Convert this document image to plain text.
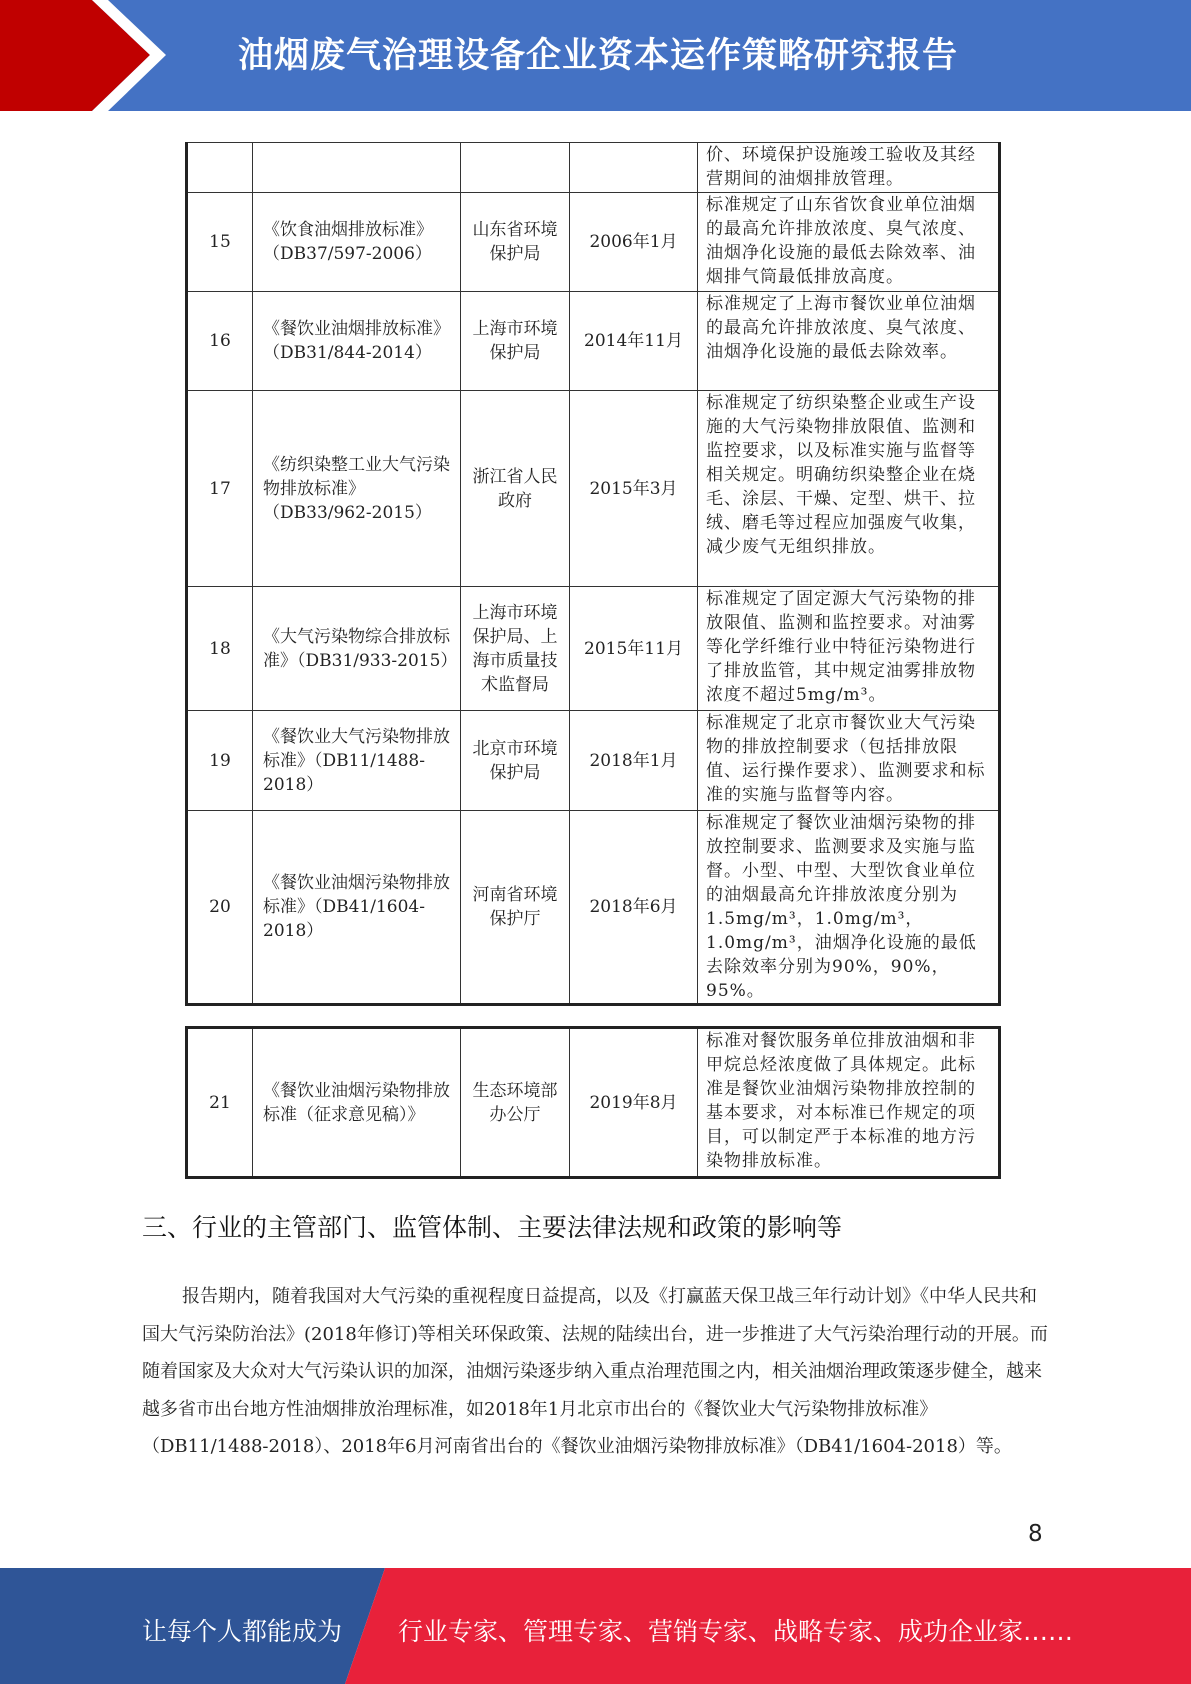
油烟废气治理设备企业资本运作策略研究报告
				价、环境保护设施竣工验收及其经营期间的油烟排放管理。
15	《饮食油烟排放标准》（DB37/597-2006）	山东省环境保护局	2006年1月	标准规定了山东省饮食业单位油烟的最高允许排放浓度、臭气浓度、油烟净化设施的最低去除效率、油烟排气筒最低排放高度。
16	《餐饮业油烟排放标准》（DB31/844-2014）	上海市环境保护局	2014年11月	标准规定了上海市餐饮业单位油烟的最高允许排放浓度、臭气浓度、油烟净化设施的最低去除效率。
17	《纺织染整工业大气污染物排放标准》（DB33/962-2015）	浙江省人民政府	2015年3月	标准规定了纺织染整企业或生产设施的大气污染物排放限值、监测和监控要求，以及标准实施与监督等相关规定。明确纺织染整企业在烧毛、涂层、干燥、定型、烘干、拉绒、磨毛等过程应加强废气收集，减少废气无组织排放。
18	《大气污染物综合排放标准》（DB31/933-2015）	上海市环境保护局、上海市质量技术监督局	2015年11月	标准规定了固定源大气污染物的排放限值、监测和监控要求。对油雾等化学纤维行业中特征污染物进行了排放监管，其中规定油雾排放物浓度不超过5mg/m³。
19	《餐饮业大气污染物排放标准》（DB11/1488-2018）	北京市环境保护局	2018年1月	标准规定了北京市餐饮业大气污染物的排放控制要求（包括排放限值、运行操作要求）、监测要求和标准的实施与监督等内容。
20	《餐饮业油烟污染物排放标准》（DB41/1604-2018）	河南省环境保护厅	2018年6月	标准规定了餐饮业油烟污染物的排放控制要求、监测要求及实施与监督。小型、中型、大型饮食业单位的油烟最高允许排放浓度分别为 1.5mg/m³，1.0mg/m³，1.0mg/m³，油烟净化设施的最低去除效率分别为90%，90%，95%。
21	《餐饮业油烟污染物排放标准（征求意见稿）》	生态环境部办公厅	2019年8月	标准对餐饮服务单位排放油烟和非甲烷总烃浓度做了具体规定。此标准是餐饮业油烟污染物排放控制的基本要求，对本标准已作规定的项目，可以制定严于本标准的地方污染物排放标准。
三、行业的主管部门、监管体制、主要法律法规和政策的影响等

报告期内，随着我国对大气污染的重视程度日益提高，以及《打赢蓝天保卫战三年行动计划》《中华人民共和国大气污染防治法》(2018年修订)等相关环保政策、法规的陆续出台，进一步推进了大气污染治理行动的开展。而随着国家及大众对大气污染认识的加深，油烟污染逐步纳入重点治理范围之内，相关油烟治理政策逐步健全，越来越多省市出台地方性油烟排放治理标准，如2018年1月北京市出台的《餐饮业大气污染物排放标准》（DB11/1488-2018）、2018年6月河南省出台的《餐饮业油烟污染物排放标准》（DB41/1604-2018）等。

8
让每个人都能成为 行业专家、管理专家、营销专家、战略专家、成功企业家……
